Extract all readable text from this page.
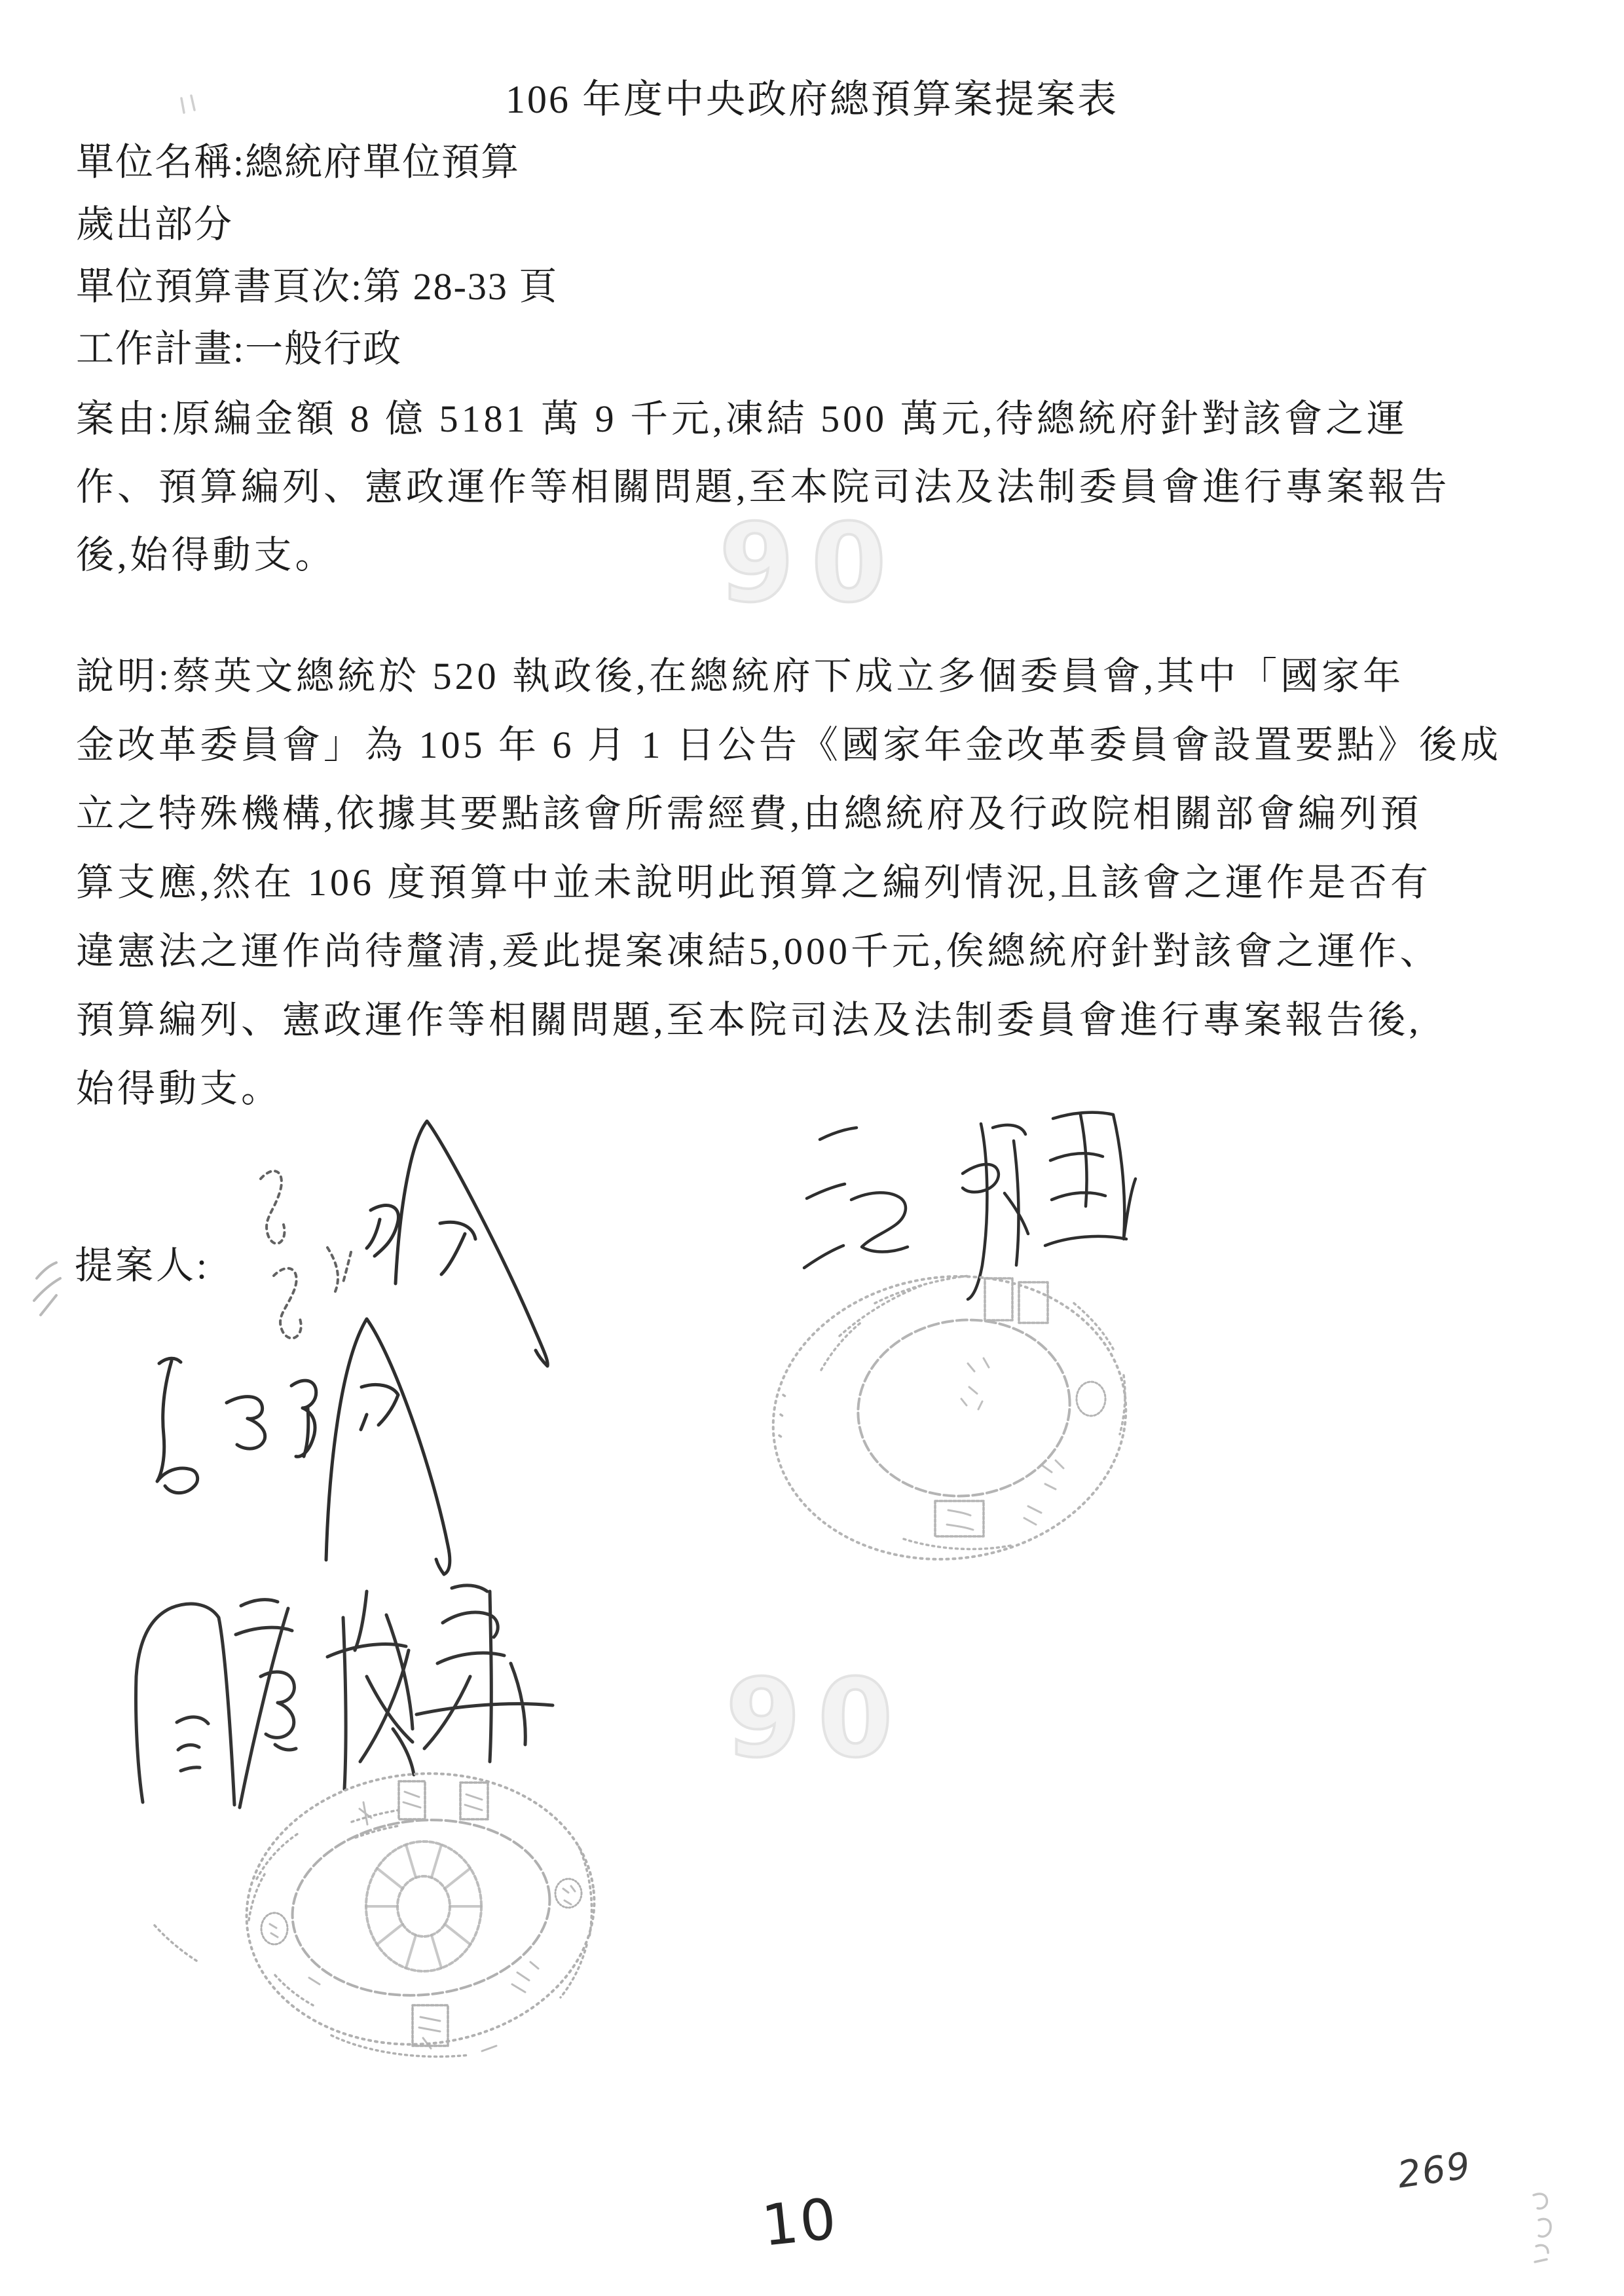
90
90
106 年度中央政府總預算案提案表
單位名稱:總統府單位預算
歲出部分
單位預算書頁次:第 28-33 頁
工作計畫:一般行政
案由:原編金額 8 億 5181 萬 9 千元,凍結 500 萬元,待總統府針對該會之運
作、預算編列、憲政運作等相關問題,至本院司法及法制委員會進行專案報告
後,始得動支。
說明:蔡英文總統於 520 執政後,在總統府下成立多個委員會,其中「國家年
金改革委員會」為 105 年 6 月 1 日公告《國家年金改革委員會設置要點》後成
立之特殊機構,依據其要點該會所需經費,由總統府及行政院相關部會編列預
算支應,然在 106 度預算中並未說明此預算之編列情況,且該會之運作是否有
違憲法之運作尚待釐清,爰此提案凍結5,000千元,俟總統府針對該會之運作、
預算編列、憲政運作等相關問題,至本院司法及法制委員會進行專案報告後,
始得動支。
提案人:
10
269
